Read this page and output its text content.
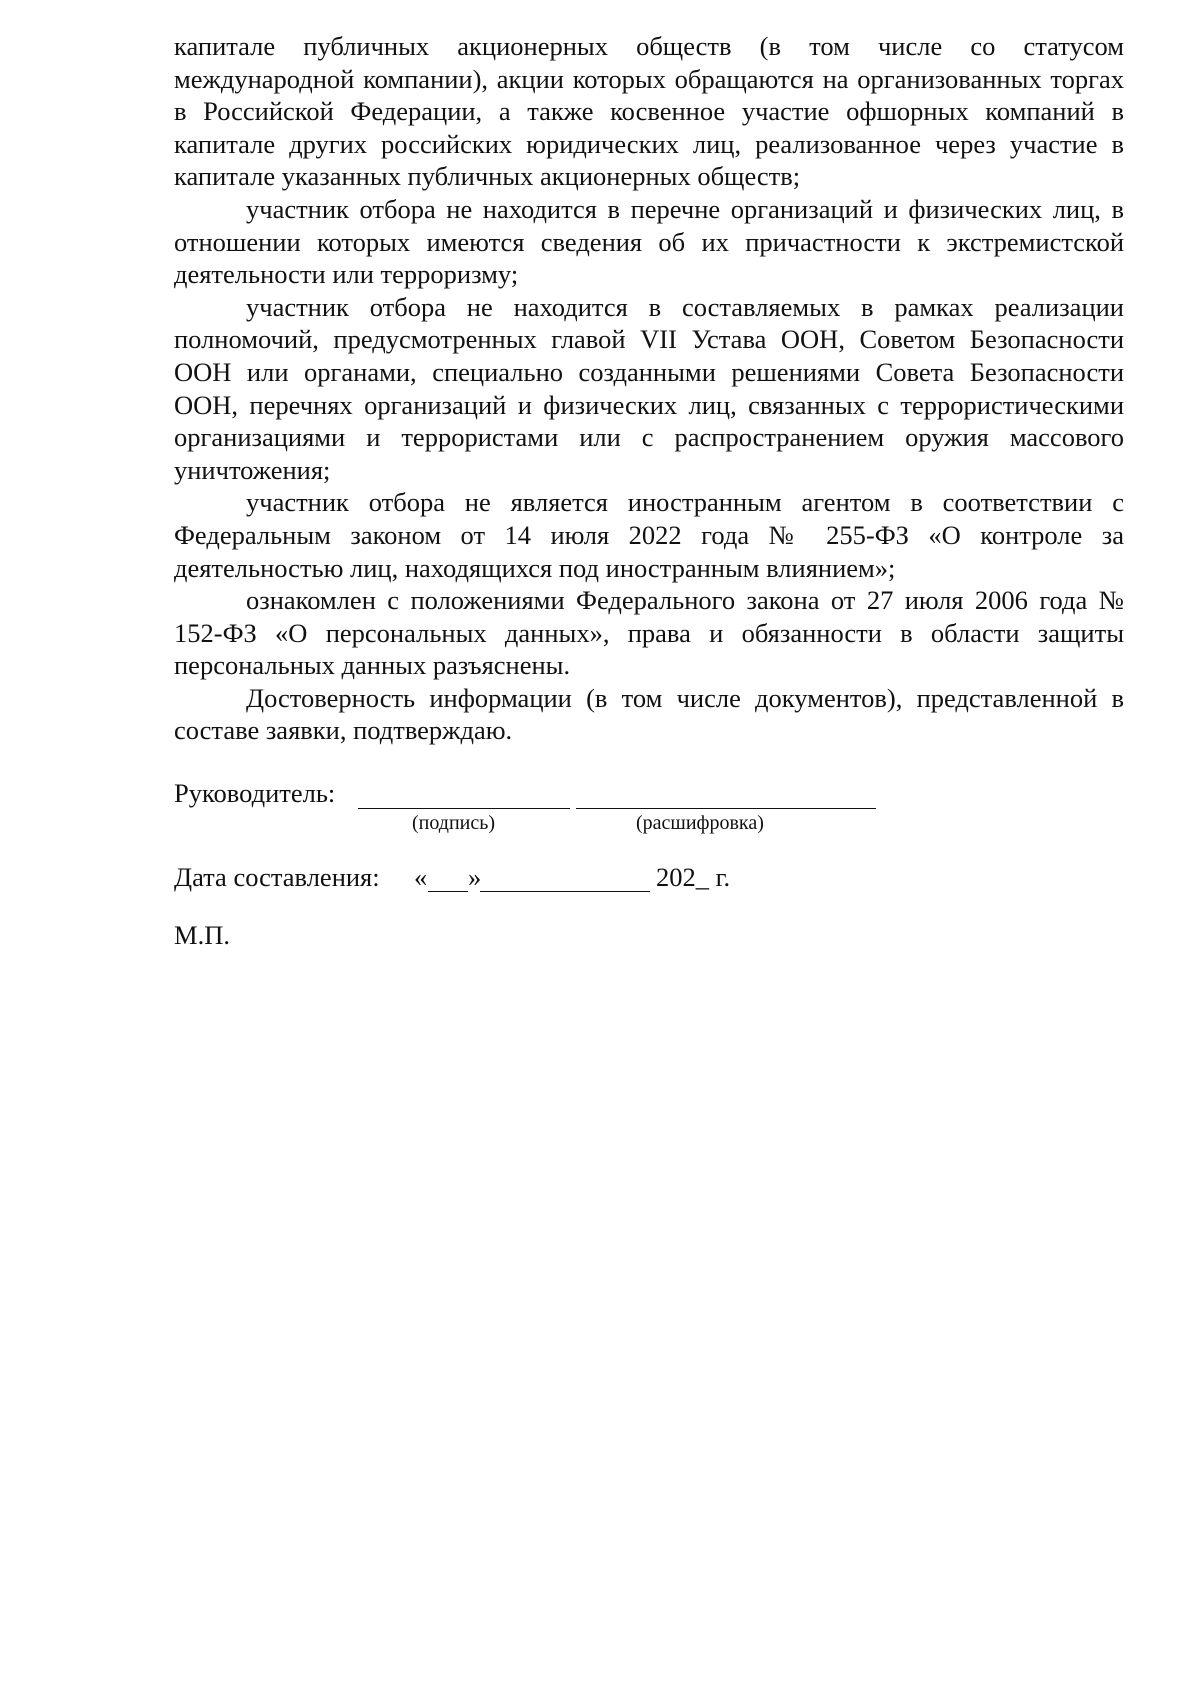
капитале публичных акционерных обществ (в том числе со статусом международной компании), акции которых обращаются на организованных торгах в Российской Федерации, а также косвенное участие офшорных компаний в капитале других российских юридических лиц, реализованное через участие в капитале указанных публичных акционерных обществ;

участник отбора не находится в перечне организаций и физических лиц, в отношении которых имеются сведения об их причастности к экстремистской деятельности или терроризму;

участник отбора не находится в составляемых в рамках реализации полномочий, предусмотренных главой VII Устава ООН, Советом Безопасности ООН или органами, специально созданными решениями Совета Безопасности ООН, перечнях организаций и физических лиц, связанных с террористическими организациями и террористами или с распространением оружия массового уничтожения;

участник отбора не является иностранным агентом в соответствии с Федеральным законом от 14 июля 2022 года № 255-ФЗ «О контроле за деятельностью лиц, находящихся под иностранным влиянием»;

ознакомлен с положениями Федерального закона от 27 июля 2006 года № 152-ФЗ «О персональных данных», права и обязанности в области защиты персональных данных разъяснены.

Достоверность информации (в том числе документов), представленной в составе заявки, подтверждаю.

Руководитель:
(подпись)	(расшифровка)
Дата составления: « »	202_ г.
М.П.
